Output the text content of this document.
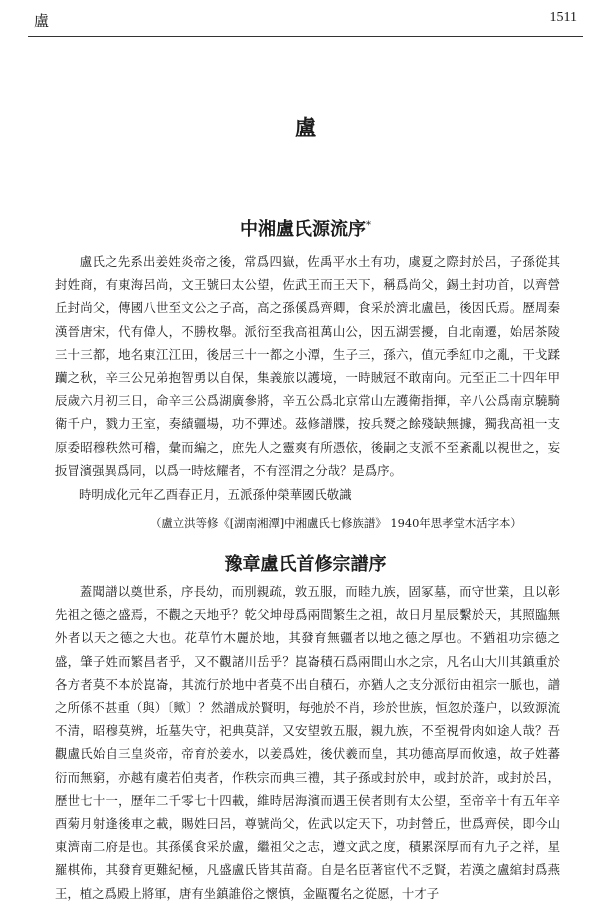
盧	1511
盧
中湘盧氏源流序*

盧氏之先系出姜姓炎帝之後，常爲四嶽，佐禹平水土有功，虞夏之際封於呂，子孫從其封姓商，有東海呂尚，文王號曰太公望，佐武王而王天下，稱爲尚父，錫土封功首，以齊營丘封尚父，傳國八世至文公之子高，高之孫傒爲齊卿，食采於濟北盧邑，後因氏焉。歷周秦漢晉唐宋，代有偉人，不勝枚舉。派衍至我高祖萬山公，因五湖雲擾，自北南遷，始居茶陵三十三都，地名東江江田，後居三十一都之小潭，生子三，孫六，值元季紅巾之亂，干戈蹂躪之秋，辛三公兄弟抱智勇以自保，集義旅以護境，一時賊冠不敢南向。元至正二十四年甲辰歲六月初三日，命辛三公爲湖廣參將，辛五公爲北京常山左護衛指揮，辛八公爲南京驍騎衛千户，戮力王室，奏績疆場，功不彈述。茲修譜牒，按兵燹之餘殘缺無據，獨我高祖一支原委昭穆秩然可稽，彙而編之，庶先人之靈爽有所憑依，後嗣之支派不至紊亂以視世之，妄扳冒濱强異爲同，以爲一時炫耀者，不有涇渭之分哉？是爲序。

時明成化元年乙酉春正月，五派孫仲榮華國氏敬識
（盧立洪等修《[湖南湘潭]中湘盧氏七修族譜》 1940年思孝堂木活字本）
豫章盧氏首修宗譜序

蓋聞譜以奠世系，序長幼，而別親疏，敦五服，而睦九族，固冢墓，而守世業，且以彰先祖之德之盛焉，不觀之天地乎？乾父坤母爲兩間繁生之祖，故日月星辰繫於天，其照臨無外者以天之德之大也。花草竹木麗於地，其發育無疆者以地之德之厚也。不猶祖功宗德之盛，肇子姓而繁昌者乎，又不觀諸川岳乎？崑崙積石爲兩間山水之宗，凡名山大川其鎮重於各方者莫不本於崑崙，其流行於地中者莫不出自積石，亦猶人之支分派衍由祖宗一脈也，譜之所係不甚重（與）〔歟〕？然譜成於賢明，每弛於不肖，珍於世族，恒忽於蓬户，以致源流不清，昭穆莫辨，坵墓失守，祀典莫詳，又安望敦五服，親九族，不至視骨肉如途人哉？吾觀盧氏始自三皇炎帝，帝育於姜水，以姜爲姓，後伏羲而皇，其功德高厚而攸遠，故子姓蕃衍而無窮，亦越有虞若伯夷者，作秩宗而典三禮，其子孫或封於申，或封於許，或封於呂，歷世七十一，歷年二千零七十四載，維時居海濱而遇王侯者則有太公望，至帝辛十有五年辛酉菊月射逢後車之載，賜姓曰呂，尊號尚父，佐武以定天下，功封營丘，世爲齊侯，即今山東濟南二府是也。其孫傒食采於盧，繼祖父之志，遵文武之度，積累深厚而有九子之祥，星羅棋佈，其發育更難紀極，凡盛盧氏皆其苗裔。自是名臣著宦代不乏賢，若漢之盧綰封爲燕王，植之爲殿上將軍，唐有坐鎮誰俗之懷慎，金甌覆名之從愿，十才子
